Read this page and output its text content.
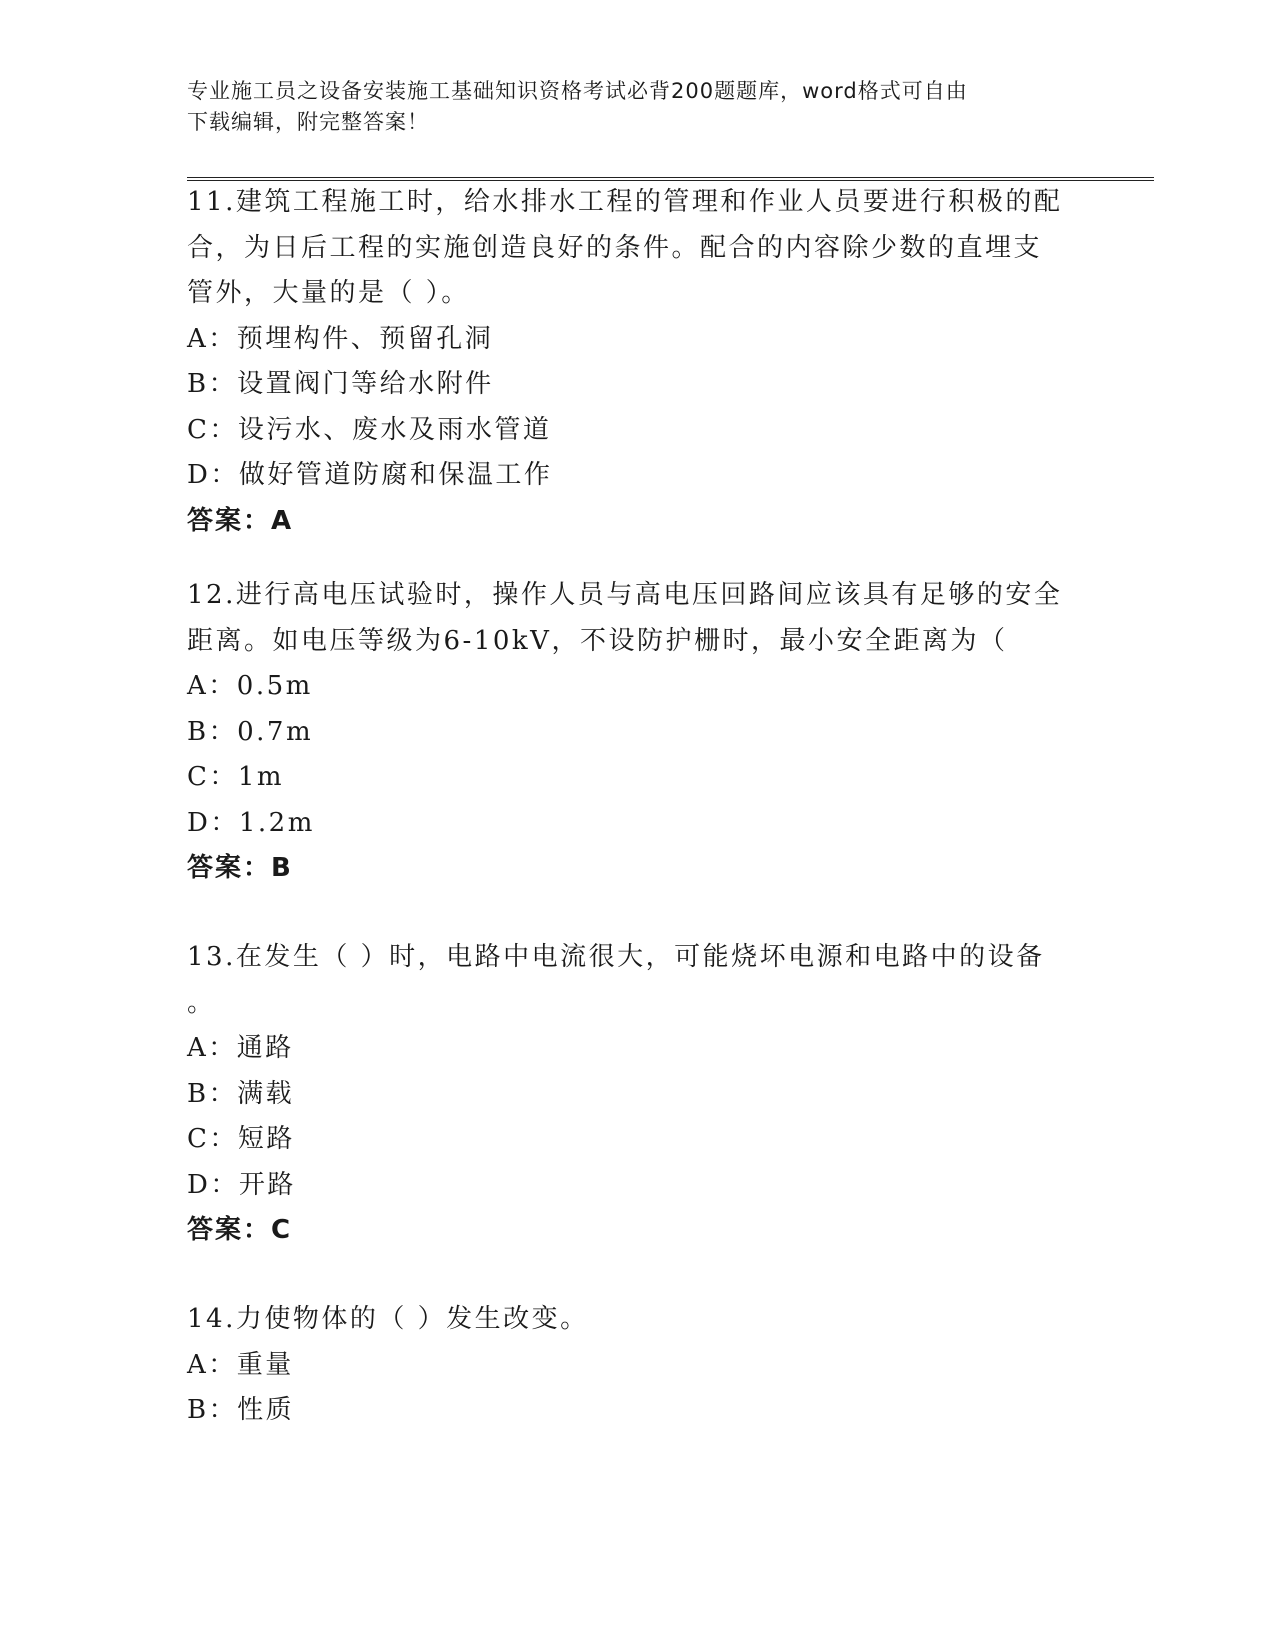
专业施工员之设备安装施工基础知识资格考试必背200题题库，word格式可自由
下载编辑，附完整答案！
11.建筑工程施工时，给水排水工程的管理和作业人员要进行积极的配
合，为日后工程的实施创造良好的条件。配合的内容除少数的直埋支
管外，大量的是（ ）。
A：预埋构件、预留孔洞
B：设置阀门等给水附件
C：设污水、废水及雨水管道
D：做好管道防腐和保温工作
答案：A
12.进行高电压试验时，操作人员与高电压回路间应该具有足够的安全
距离。如电压等级为6-10kV，不设防护栅时，最小安全距离为（
A：0.5m
B：0.7m
C：1m
D：1.2m
答案：B
13.在发生（ ）时，电路中电流很大，可能烧坏电源和电路中的设备
。
A：通路
B：满载
C：短路
D：开路
答案：C
14.力使物体的（ ）发生改变。
A：重量
B：性质
